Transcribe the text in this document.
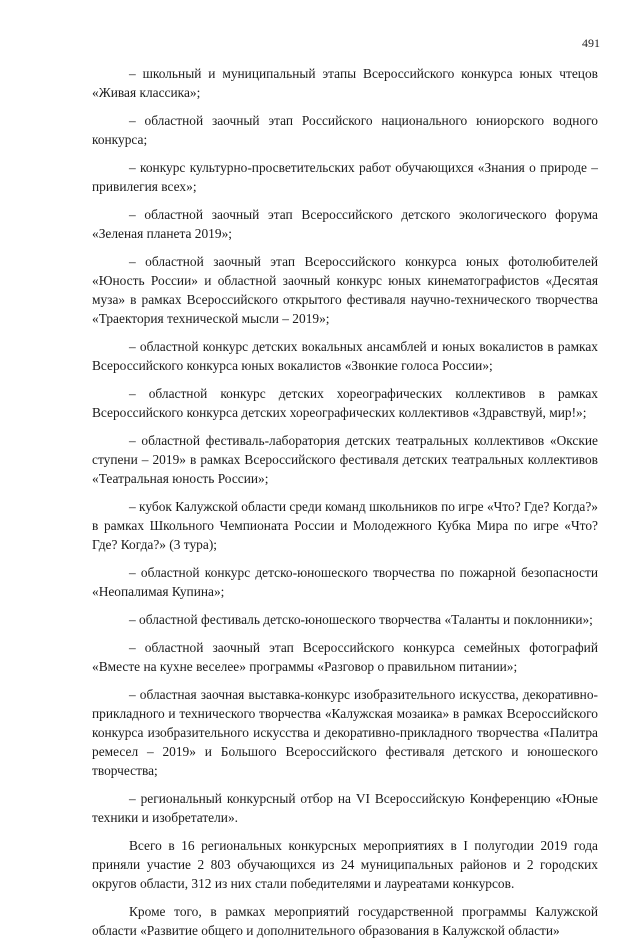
491

– школьный и муниципальный этапы Всероссийского конкурса юных чтецов «Живая классика»;

– областной заочный этап Российского национального юниорского водного конкурса;

– конкурс культурно-просветительских работ обучающихся «Знания о природе – привилегия всех»;

– областной заочный этап Всероссийского детского экологического форума «Зеленая планета 2019»;

– областной заочный этап Всероссийского конкурса юных фотолюбителей «Юность России» и областной заочный конкурс юных кинематографистов «Десятая муза» в рамках Всероссийского открытого фестиваля научно-технического творчества «Траектория технической мысли – 2019»;

– областной конкурс детских вокальных ансамблей и юных вокалистов в рамках Всероссийского конкурса юных вокалистов «Звонкие голоса России»;

– областной конкурс детских хореографических коллективов в рамках Всероссийского конкурса детских хореографических коллективов «Здравствуй, мир!»;

– областной фестиваль-лаборатория детских театральных коллективов «Окские ступени – 2019» в рамках Всероссийского фестиваля детских театральных коллективов «Театральная юность России»;

– кубок Калужской области среди команд школьников по игре «Что? Где? Когда?» в рамках Школьного Чемпионата России и Молодежного Кубка Мира по игре «Что? Где? Когда?» (3 тура);

– областной конкурс детско-юношеского творчества по пожарной безопасности «Неопалимая Купина»;

– областной фестиваль детско-юношеского творчества «Таланты и поклонники»;

– областной заочный этап Всероссийского конкурса семейных фотографий «Вместе на кухне веселее» программы «Разговор о правильном питании»;

– областная заочная выставка-конкурс изобразительного искусства, декоративно-прикладного и технического творчества «Калужская мозаика» в рамках Всероссийского конкурса изобразительного искусства и декоративно-прикладного творчества «Палитра ремесел – 2019» и Большого Всероссийского фестиваля детского и юношеского творчества;

– региональный конкурсный отбор на VI Всероссийскую Конференцию «Юные техники и изобретатели».

Всего в 16 региональных конкурсных мероприятиях в I полугодии 2019 года приняли участие 2 803 обучающихся из 24 муниципальных районов и 2 городских округов области, 312 из них стали победителями и лауреатами конкурсов.

Кроме того, в рамках мероприятий государственной программы Калужской области «Развитие общего и дополнительного образования в Калужской области»
